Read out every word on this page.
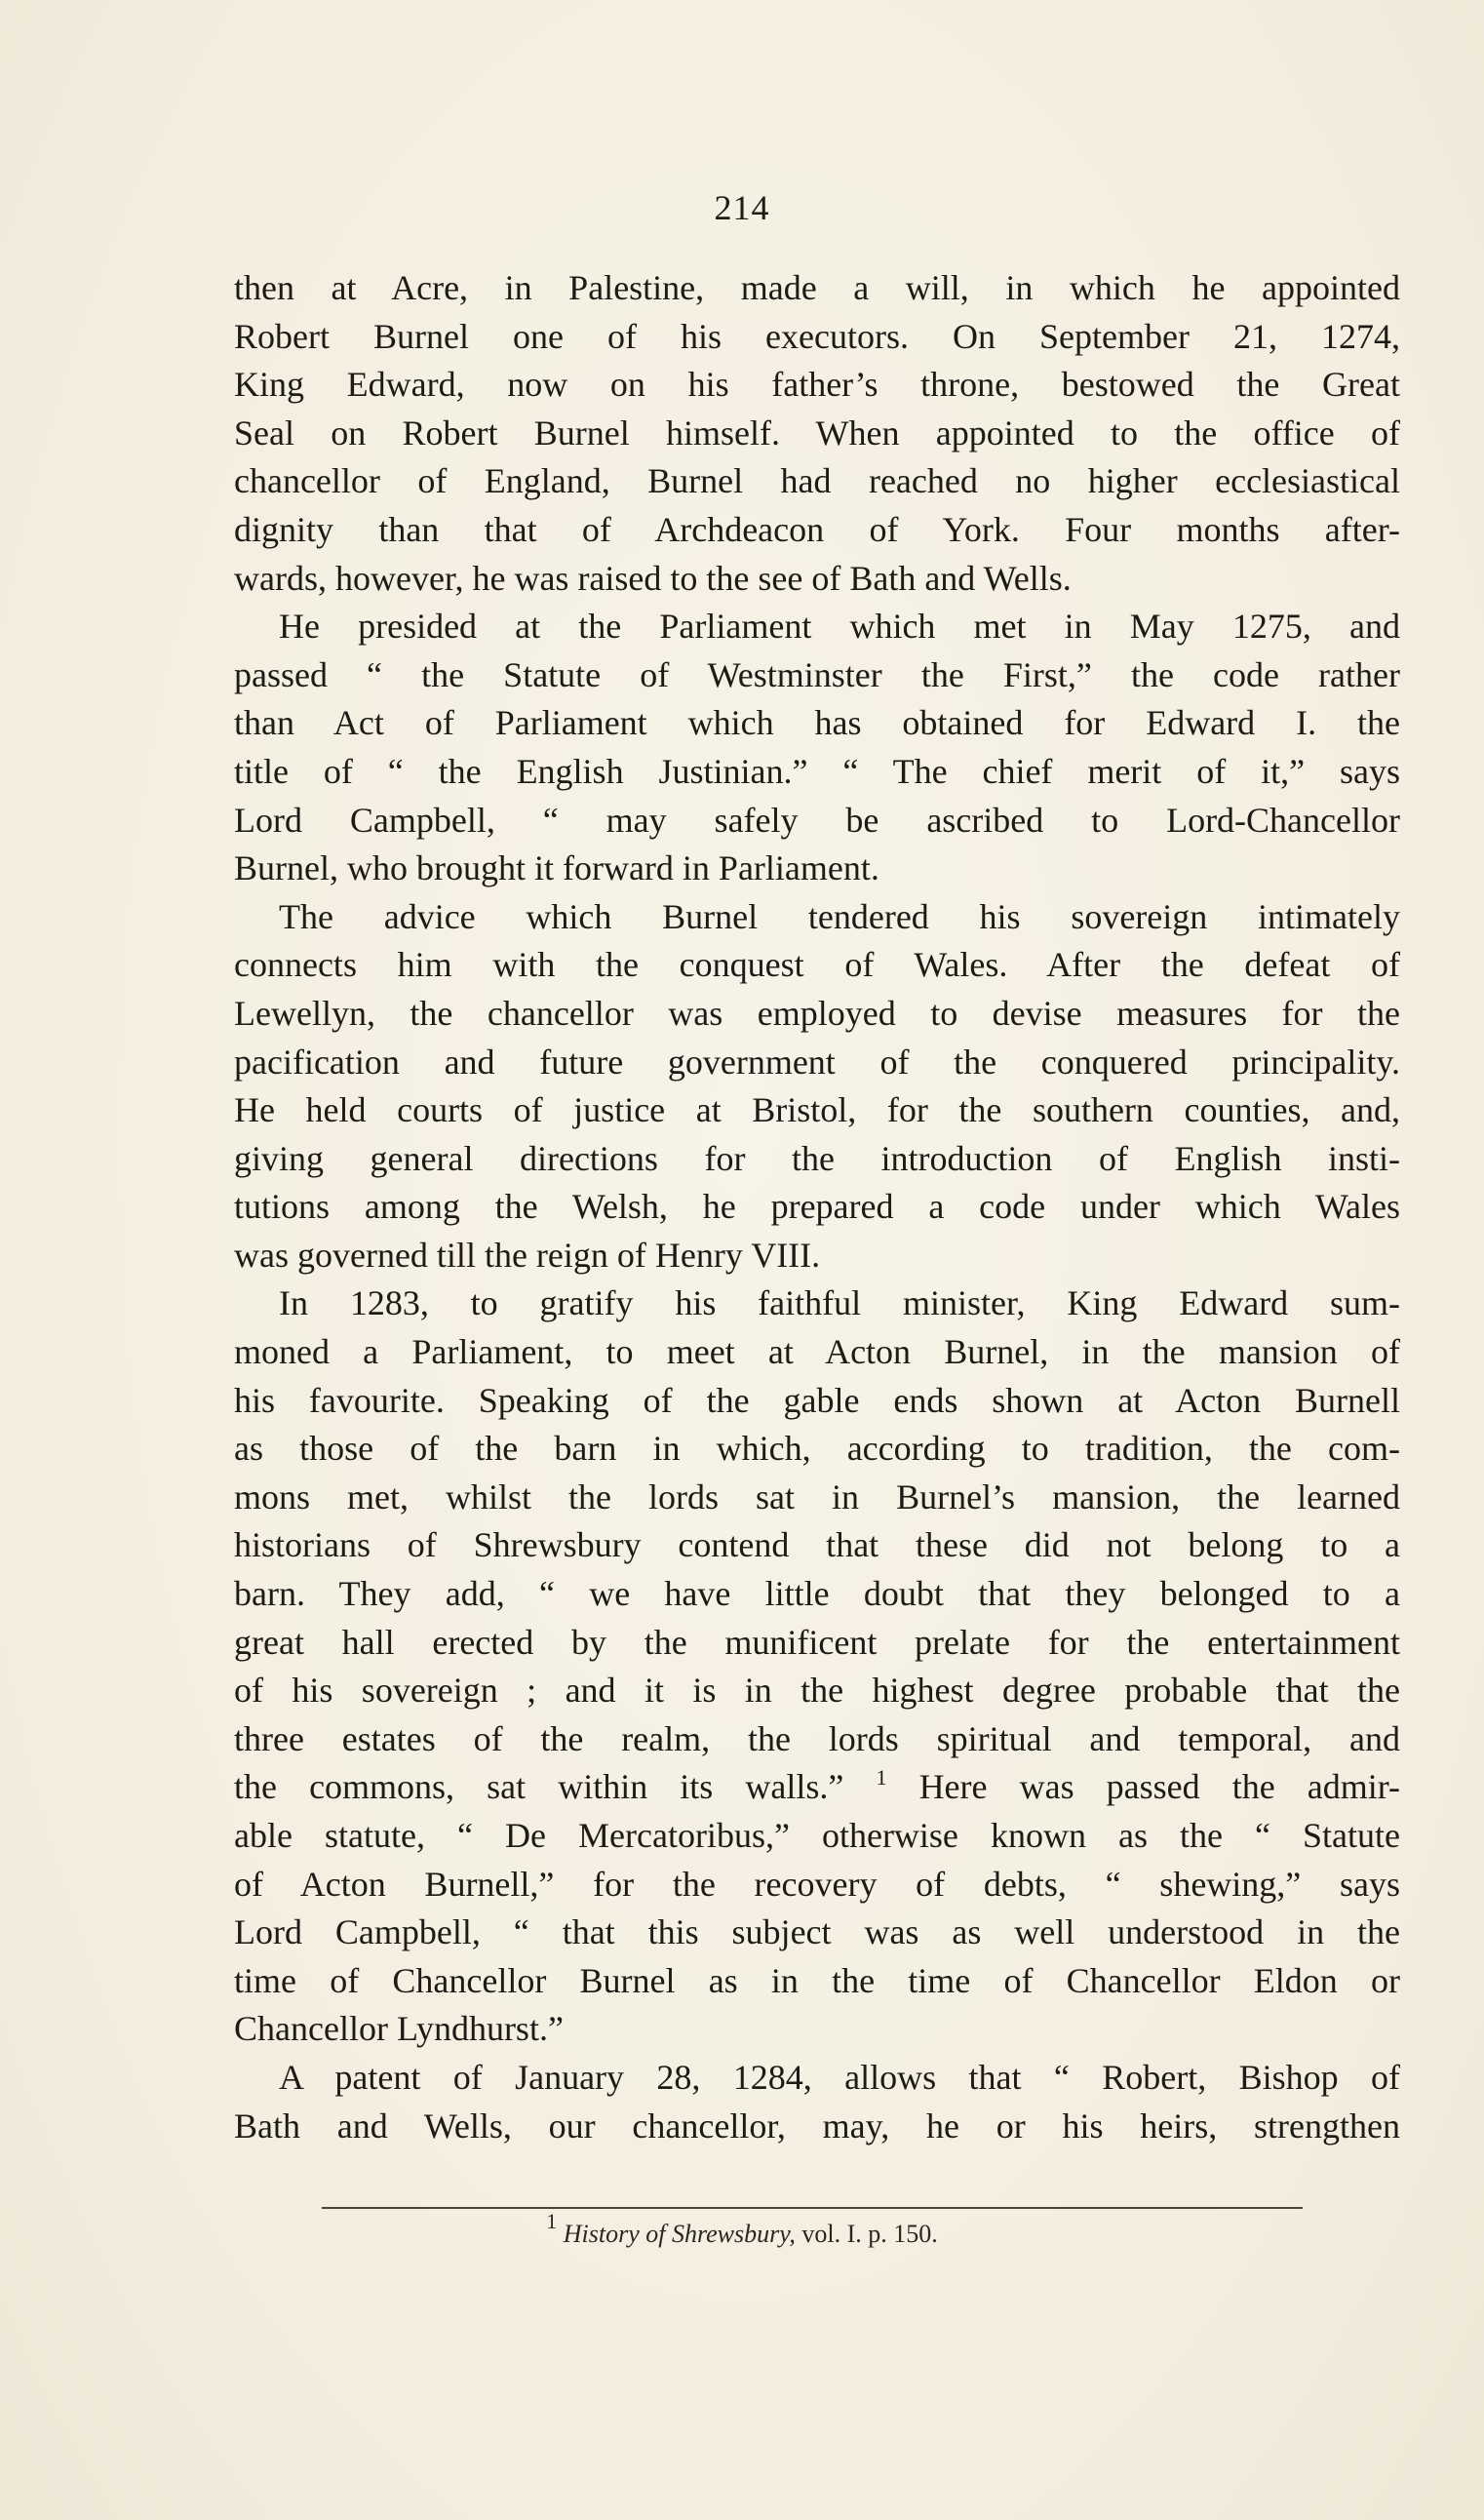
214
then at Acre, in Palestine, made a will, in which he appointed
Robert Burnel one of his executors. On September 21, 1274,
King Edward, now on his father’s throne, bestowed the Great
Seal on Robert Burnel himself. When appointed to the office of
chancellor of England, Burnel had reached no higher ecclesiastical
dignity than that of Archdeacon of York. Four months after-
wards, however, he was raised to the see of Bath and Wells.
He presided at the Parliament which met in May 1275, and
passed “ the Statute of Westminster the First,” the code rather
than Act of Parliament which has obtained for Edward I. the
title of “ the English Justinian.” “ The chief merit of it,” says
Lord Campbell, “ may safely be ascribed to Lord-Chancellor
Burnel, who brought it forward in Parliament.
The advice which Burnel tendered his sovereign intimately
connects him with the conquest of Wales. After the defeat of
Lewellyn, the chancellor was employed to devise measures for the
pacification and future government of the conquered principality.
He held courts of justice at Bristol, for the southern counties, and,
giving general directions for the introduction of English insti-
tutions among the Welsh, he prepared a code under which Wales
was governed till the reign of Henry VIII.
In 1283, to gratify his faithful minister, King Edward sum-
moned a Parliament, to meet at Acton Burnel, in the mansion of
his favourite. Speaking of the gable ends shown at Acton Burnell
as those of the barn in which, according to tradition, the com-
mons met, whilst the lords sat in Burnel’s mansion, the learned
historians of Shrewsbury contend that these did not belong to a
barn. They add, “ we have little doubt that they belonged to a
great hall erected by the munificent prelate for the entertainment
of his sovereign ; and it is in the highest degree probable that the
three estates of the realm, the lords spiritual and temporal, and
the commons, sat within its walls.” $^1$ Here was passed the admir-
able statute, “ De Mercatoribus,” otherwise known as the “ Statute
of Acton Burnell,” for the recovery of debts, “ shewing,” says
Lord Campbell, “ that this subject was as well understood in the
time of Chancellor Burnel as in the time of Chancellor Eldon or
Chancellor Lyndhurst.”
A patent of January 28, 1284, allows that “ Robert, Bishop of
Bath and Wells, our chancellor, may, he or his heirs, strengthen
$^1$ History of Shrewsbury, vol. I. p. 150.
